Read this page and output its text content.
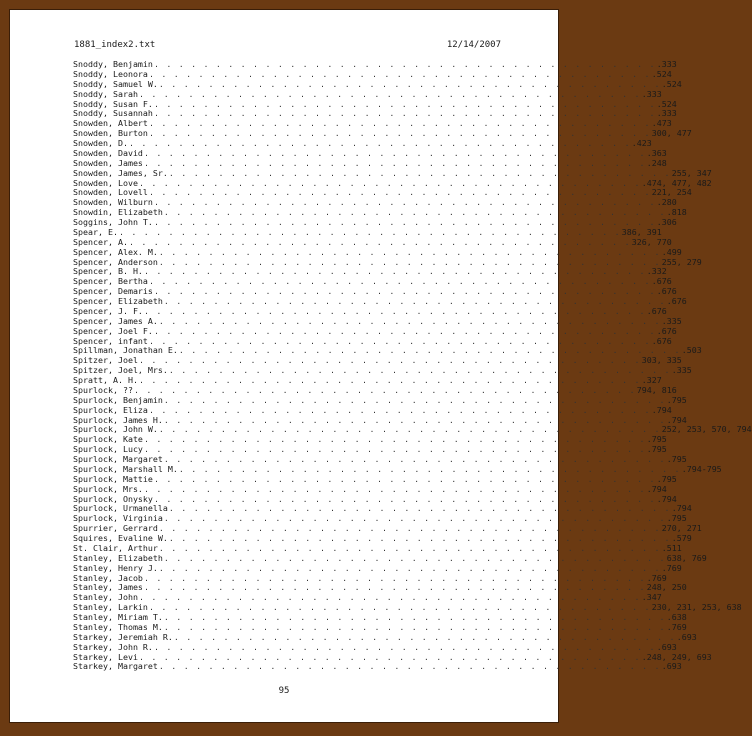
1881_index2.txt	12/14/2007
Snoddy, Benjamin . . . . . . . . . . . . . . . . . . . . . . . . . . . . . . . . . . . . . . . . . .333
Snoddy, Leonora . . . . . . . . . . . . . . . . . . . . . . . . . . . . . . . . . . . . . . . . . .524
Snoddy, Samuel W. . . . . . . . . . . . . . . . . . . . . . . . . . . . . . . . . . . . . . . . . . .524
Snoddy, Sarah . . . . . . . . . . . . . . . . . . . . . . . . . . . . . . . . . . . . . . . . . .333
Snoddy, Susan F. . . . . . . . . . . . . . . . . . . . . . . . . . . . . . . . . . . . . . . . . . .524
Snoddy, Susannah . . . . . . . . . . . . . . . . . . . . . . . . . . . . . . . . . . . . . . . . . .333
Snowden, Albert . . . . . . . . . . . . . . . . . . . . . . . . . . . . . . . . . . . . . . . . . .473
Snowden, Burton . . . . . . . . . . . . . . . . . . . . . . . . . . . . . . . . . . . . . . . . . 300, 477
Snowden, D. . . . . . . . . . . . . . . . . . . . . . . . . . . . . . . . . . . . . . . . . . .423
Snowden, David . . . . . . . . . . . . . . . . . . . . . . . . . . . . . . . . . . . . . . . . . .363
Snowden, James . . . . . . . . . . . . . . . . . . . . . . . . . . . . . . . . . . . . . . . . . .248
Snowden, James, Sr. . . . . . . . . . . . . . . . . . . . . . . . . . . . . . . . . . . . . . . . . . 255, 347
Snowden, Love . . . . . . . . . . . . . . . . . . . . . . . . . . . . . . . . . . . . . . . . . .474, 477, 482
Snowden, Lovell . . . . . . . . . . . . . . . . . . . . . . . . . . . . . . . . . . . . . . . . . 221, 254
Snowden, Wilburn . . . . . . . . . . . . . . . . . . . . . . . . . . . . . . . . . . . . . . . . . .280
Snowdin, Elizabeth . . . . . . . . . . . . . . . . . . . . . . . . . . . . . . . . . . . . . . . . . .818
Soggins, John T. . . . . . . . . . . . . . . . . . . . . . . . . . . . . . . . . . . . . . . . . . .306
Spear, E. . . . . . . . . . . . . . . . . . . . . . . . . . . . . . . . . . . . . . . . . . 386, 391
Spencer, A. . . . . . . . . . . . . . . . . . . . . . . . . . . . . . . . . . . . . . . . . . 326, 770
Spencer, Alex. M. . . . . . . . . . . . . . . . . . . . . . . . . . . . . . . . . . . . . . . . . . .499
Spencer, Anderson . . . . . . . . . . . . . . . . . . . . . . . . . . . . . . . . . . . . . . . . . 255, 279
Spencer, B. H. . . . . . . . . . . . . . . . . . . . . . . . . . . . . . . . . . . . . . . . . . .332
Spencer, Bertha . . . . . . . . . . . . . . . . . . . . . . . . . . . . . . . . . . . . . . . . . .676
Spencer, Demaris . . . . . . . . . . . . . . . . . . . . . . . . . . . . . . . . . . . . . . . . . .676
Spencer, Elizabeth . . . . . . . . . . . . . . . . . . . . . . . . . . . . . . . . . . . . . . . . . .676
Spencer, J. F. . . . . . . . . . . . . . . . . . . . . . . . . . . . . . . . . . . . . . . . . . .676
Spencer, James A. . . . . . . . . . . . . . . . . . . . . . . . . . . . . . . . . . . . . . . . . . .335
Spencer, Joel F. . . . . . . . . . . . . . . . . . . . . . . . . . . . . . . . . . . . . . . . . . .676
Spencer, infant . . . . . . . . . . . . . . . . . . . . . . . . . . . . . . . . . . . . . . . . . .676
Spillman, Jonathan E. . . . . . . . . . . . . . . . . . . . . . . . . . . . . . . . . . . . . . . . . . .503
Spitzer, Joel . . . . . . . . . . . . . . . . . . . . . . . . . . . . . . . . . . . . . . . . . 303, 335
Spitzer, Joel, Mrs. . . . . . . . . . . . . . . . . . . . . . . . . . . . . . . . . . . . . . . . . . .335
Spratt, A. H. . . . . . . . . . . . . . . . . . . . . . . . . . . . . . . . . . . . . . . . . . .327
Spurlock, ?? . . . . . . . . . . . . . . . . . . . . . . . . . . . . . . . . . . . . . . . . . 794, 816
Spurlock, Benjamin . . . . . . . . . . . . . . . . . . . . . . . . . . . . . . . . . . . . . . . . . .795
Spurlock, Eliza . . . . . . . . . . . . . . . . . . . . . . . . . . . . . . . . . . . . . . . . . .794
Spurlock, James H. . . . . . . . . . . . . . . . . . . . . . . . . . . . . . . . . . . . . . . . . . .794
Spurlock, John W. . . . . . . . . . . . . . . . . . . . . . . . . . . . . . . . . . . . . . . . . . 252, 253, 570, 794
Spurlock, Kate . . . . . . . . . . . . . . . . . . . . . . . . . . . . . . . . . . . . . . . . . .795
Spurlock, Lucy . . . . . . . . . . . . . . . . . . . . . . . . . . . . . . . . . . . . . . . . . .795
Spurlock, Margaret . . . . . . . . . . . . . . . . . . . . . . . . . . . . . . . . . . . . . . . . . .795
Spurlock, Marshall M. . . . . . . . . . . . . . . . . . . . . . . . . . . . . . . . . . . . . . . . . . .794-795
Spurlock, Mattie . . . . . . . . . . . . . . . . . . . . . . . . . . . . . . . . . . . . . . . . . .795
Spurlock, Mrs. . . . . . . . . . . . . . . . . . . . . . . . . . . . . . . . . . . . . . . . . . .794
Spurlock, Onysky . . . . . . . . . . . . . . . . . . . . . . . . . . . . . . . . . . . . . . . . . .794
Spurlock, Urmanella . . . . . . . . . . . . . . . . . . . . . . . . . . . . . . . . . . . . . . . . . .794
Spurlock, Virginia . . . . . . . . . . . . . . . . . . . . . . . . . . . . . . . . . . . . . . . . . .795
Spurrier, Gerrard . . . . . . . . . . . . . . . . . . . . . . . . . . . . . . . . . . . . . . . . . 270, 271
Squires, Evaline W. . . . . . . . . . . . . . . . . . . . . . . . . . . . . . . . . . . . . . . . . . .579
St. Clair, Arthur . . . . . . . . . . . . . . . . . . . . . . . . . . . . . . . . . . . . . . . . . .511
Stanley, Elizabeth . . . . . . . . . . . . . . . . . . . . . . . . . . . . . . . . . . . . . . . . . 638, 769
Stanley, Henry J. . . . . . . . . . . . . . . . . . . . . . . . . . . . . . . . . . . . . . . . . . .769
Stanley, Jacob . . . . . . . . . . . . . . . . . . . . . . . . . . . . . . . . . . . . . . . . . .769
Stanley, James . . . . . . . . . . . . . . . . . . . . . . . . . . . . . . . . . . . . . . . . . 248, 250
Stanley, John . . . . . . . . . . . . . . . . . . . . . . . . . . . . . . . . . . . . . . . . . .347
Stanley, Larkin . . . . . . . . . . . . . . . . . . . . . . . . . . . . . . . . . . . . . . . . . 230, 231, 253, 638
Stanley, Miriam T. . . . . . . . . . . . . . . . . . . . . . . . . . . . . . . . . . . . . . . . . . .638
Stanley, Thomas M. . . . . . . . . . . . . . . . . . . . . . . . . . . . . . . . . . . . . . . . . . .769
Starkey, Jeremiah R. . . . . . . . . . . . . . . . . . . . . . . . . . . . . . . . . . . . . . . . . . .693
Starkey, John R. . . . . . . . . . . . . . . . . . . . . . . . . . . . . . . . . . . . . . . . . . .693
Starkey, Levi . . . . . . . . . . . . . . . . . . . . . . . . . . . . . . . . . . . . . . . . . .248, 249, 693
Starkey, Margaret . . . . . . . . . . . . . . . . . . . . . . . . . . . . . . . . . . . . . . . . . .693
95
